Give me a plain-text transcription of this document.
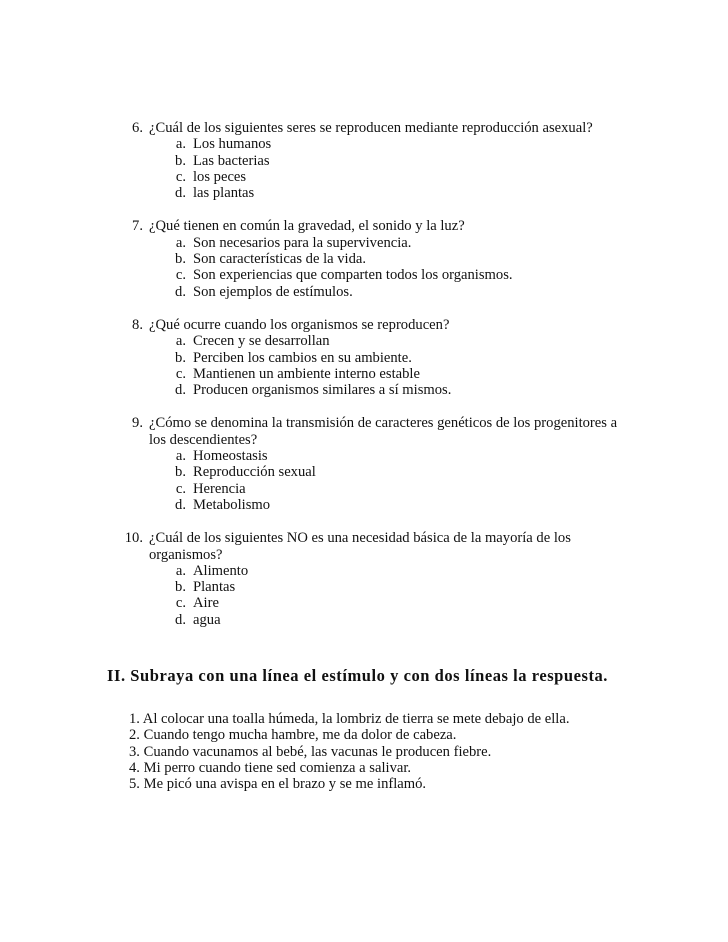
6. ¿Cuál de los siguientes seres se reproducen mediante reproducción asexual?
a. Los humanos
b. Las bacterias
c. los peces
d. las plantas
7. ¿Qué tienen en común la gravedad, el sonido y la luz?
a. Son necesarios para la supervivencia.
b. Son características de la vida.
c. Son experiencias que comparten todos los organismos.
d. Son ejemplos de estímulos.
8. ¿Qué ocurre cuando los organismos se reproducen?
a. Crecen y se desarrollan
b. Perciben los cambios en su ambiente.
c. Mantienen un ambiente interno estable
d. Producen organismos similares a sí mismos.
9. ¿Cómo se denomina la transmisión de caracteres genéticos de los progenitores a
los descendientes?
a. Homeostasis
b. Reproducción sexual
c. Herencia
d. Metabolismo
10. ¿Cuál de los siguientes NO es una necesidad básica de la mayoría de los
organismos?
a. Alimento
b. Plantas
c. Aire
d. agua
II. Subraya con una línea el estímulo y con dos líneas la respuesta.
1. Al colocar una toalla húmeda, la lombriz de tierra se mete debajo de ella.
2. Cuando tengo mucha hambre, me da dolor de cabeza.
3. Cuando vacunamos al bebé, las vacunas le producen fiebre.
4. Mi perro cuando tiene sed comienza a salivar.
5. Me picó una avispa en el brazo y se me inflamó.
